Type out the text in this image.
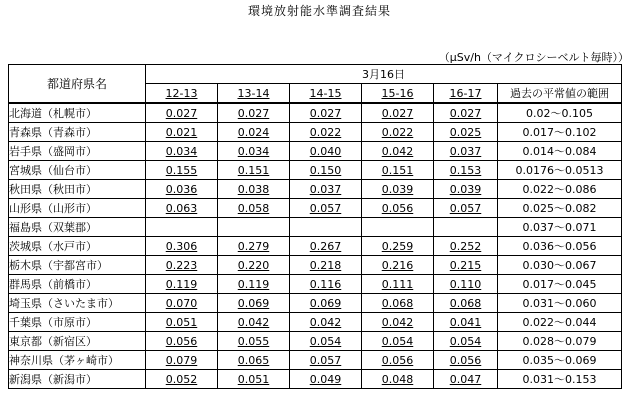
環境放射能水準調査結果
（μSv/h（マイクロシーベルト毎時））
都道府県名	3月16日					
	12-13	13-14	14-15	15-16	16-17	過去の平常値の範囲
北海道（札幌市）	0.027	0.027	0.027	0.027	0.027	0.02～0.105
青森県（青森市）	0.021	0.024	0.022	0.022	0.025	0.017～0.102
岩手県（盛岡市）	0.034	0.034	0.040	0.042	0.037	0.014～0.084
宮城県（仙台市）	0.155	0.151	0.150	0.151	0.153	0.0176～0.0513
秋田県（秋田市）	0.036	0.038	0.037	0.039	0.039	0.022～0.086
山形県（山形市）	0.063	0.058	0.057	0.056	0.057	0.025～0.082
福島県（双葉郡）						0.037～0.071
茨城県（水戸市）	0.306	0.279	0.267	0.259	0.252	0.036～0.056
栃木県（宇都宮市）	0.223	0.220	0.218	0.216	0.215	0.030～0.067
群馬県（前橋市）	0.119	0.119	0.116	0.111	0.110	0.017～0.045
埼玉県（さいたま市）	0.070	0.069	0.069	0.068	0.068	0.031～0.060
千葉県（市原市）	0.051	0.042	0.042	0.042	0.041	0.022～0.044
東京都（新宿区）	0.056	0.055	0.054	0.054	0.054	0.028～0.079
神奈川県（茅ヶ崎市）	0.079	0.065	0.057	0.056	0.056	0.035～0.069
新潟県（新潟市）	0.052	0.051	0.049	0.048	0.047	0.031～0.153
